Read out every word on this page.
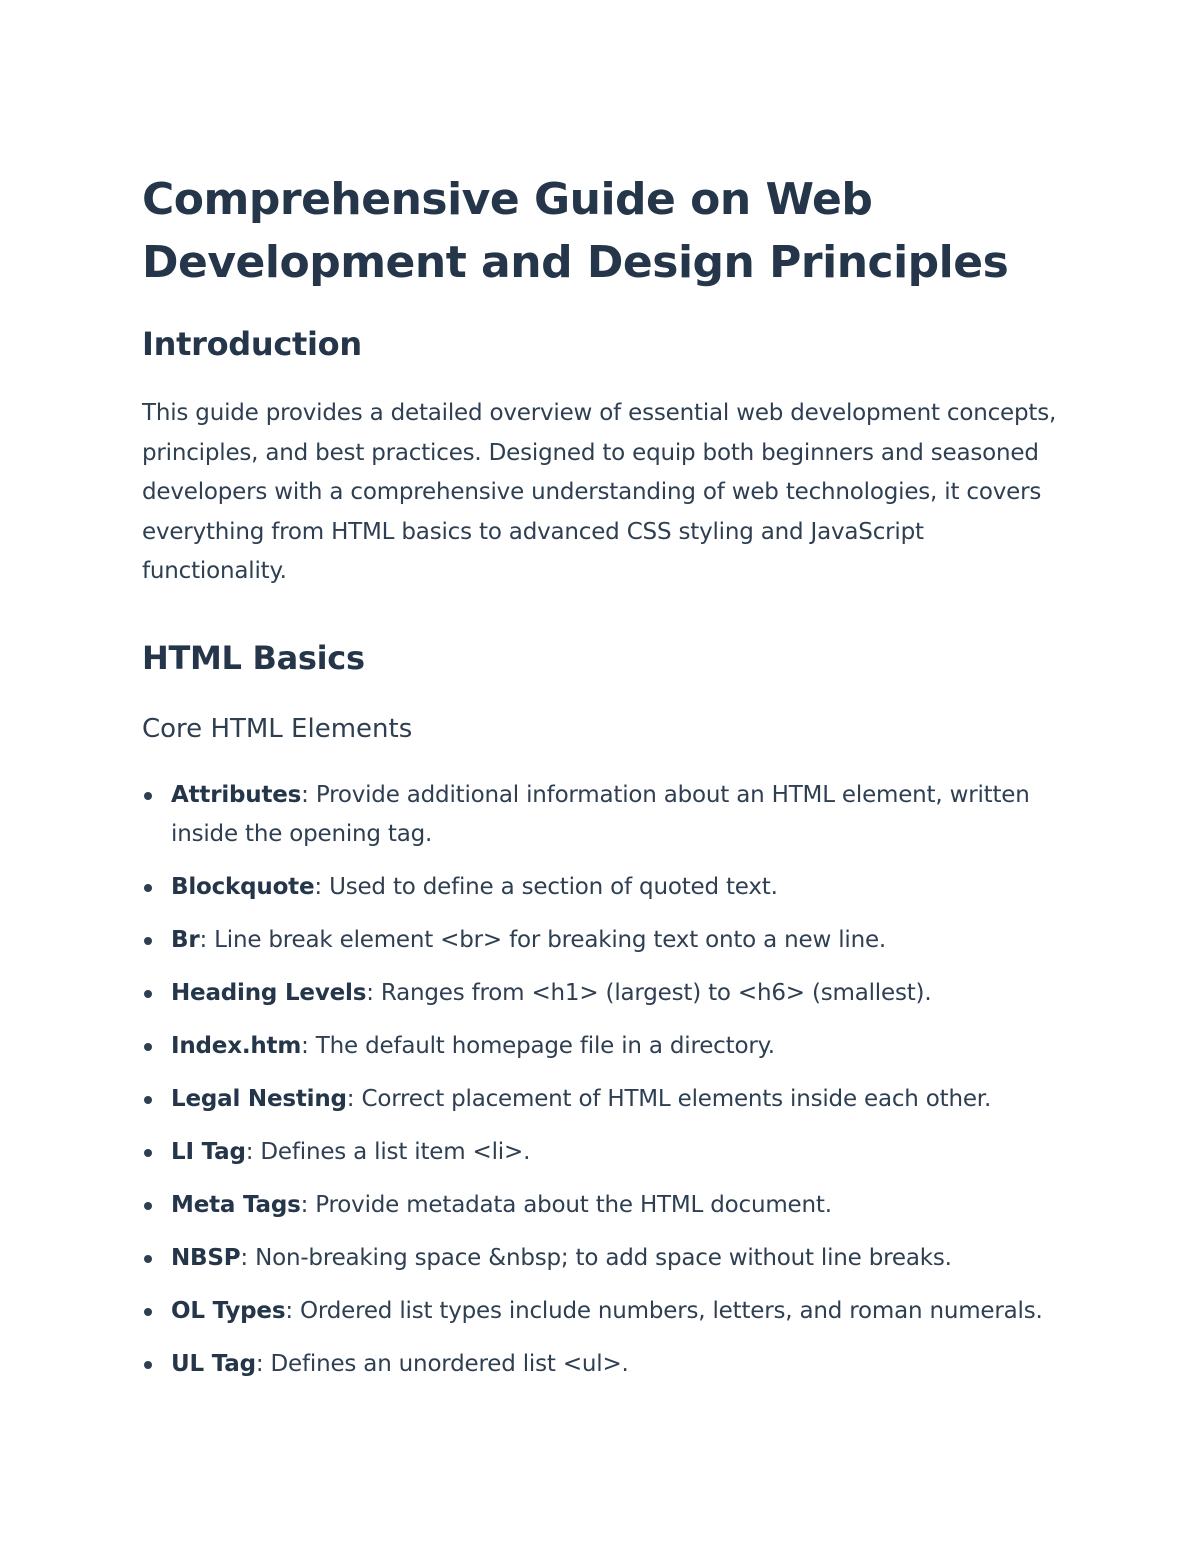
Comprehensive Guide on Web Development and Design Principles
Introduction

This guide provides a detailed overview of essential web development concepts, principles, and best practices. Designed to equip both beginners and seasoned developers with a comprehensive understanding of web technologies, it covers everything from HTML basics to advanced CSS styling and JavaScript functionality.

HTML Basics
Core HTML Elements
Attributes: Provide additional information about an HTML element, written inside the opening tag.
Blockquote: Used to define a section of quoted text.
Br: Line break element <br> for breaking text onto a new line.
Heading Levels: Ranges from <h1> (largest) to <h6> (smallest).
Index.htm: The default homepage file in a directory.
Legal Nesting: Correct placement of HTML elements inside each other.
LI Tag: Defines a list item <li>.
Meta Tags: Provide metadata about the HTML document.
NBSP: Non-breaking space &nbsp; to add space without line breaks.
OL Types: Ordered list types include numbers, letters, and roman numerals.
UL Tag: Defines an unordered list <ul>.
